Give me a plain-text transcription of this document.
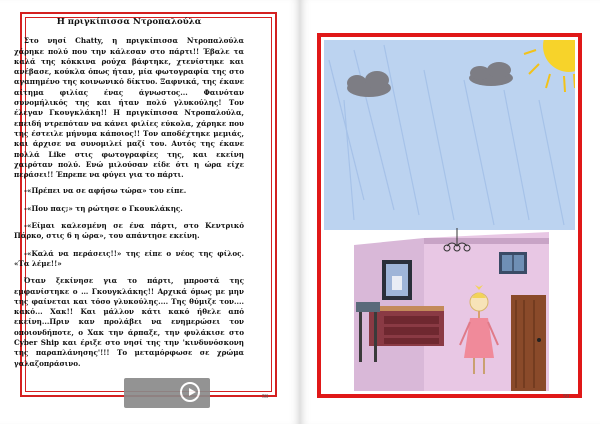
Η πριγκίπισσα Ντροπαλούλα

Στο νησί Chatty, η πριγκίπισσα Ντροπαλούλα χάρηκε πολύ που την κάλεσαν στο πάρτι!! Έβαλε τα καλά της κόκκινα ρούχα βάφτηκε, χτενίστηκε και ανέβασε, κούκλα όπως ήταν, μία φωτογραφία της στο αγαπημένο της κοινωνικό δίκτυο. Ξαφνικά, της έκανε αίτημα φιλίας ένας άγνωστος... Φαινόταν συνομήλικός της και ήταν πολύ γλυκούλης! Τον έλεγαν Γκουγκλάκη!! Η πριγκίπισσα Ντροπαλούλα, επειδή ντρεπόταν να κάνει φιλίες εύκολα, χάρηκε που της έστειλε μήνυμα κάποιος!! Τον αποδέχτηκε μεμιάς, και άρχισε να συνομιλεί μαζί του. Αυτός της έκανε πολλά Like στις φωτογραφίες της, και εκείνη χαιρόταν πολύ. Ενώ μιλούσαν είδε ότι η ώρα είχε περάσει!! Έπρεπε να φύγει για το πάρτι.

-«Πρέπει να σε αφήσω τώρα» του είπε.

-«Που πας;» τη ρώτησε ο Γκουκλάκης.

-«Είμαι καλεσμένη σε ένα πάρτι, στο Κεντρικό Πάρκο, στις 6 η ώρα», του απάντησε εκείνη.

-«Καλά να περάσεις!!» της είπε ο νέος της φίλος. «Τα λέμε!!»

Όταν ξεκίνησε για το πάρτι, μπροστά της εμφανίστηκε ο … Γκουγκλάκης!! Αρχικά όμως με μην της φαίνεται και τόσο γλυκούλης.... Της θύμιζε τον.... κακό... Χακ!! Και μάλλον κάτι κακό ήθελε από εκείνη...Πριν καν προλάβει να ενημερώσει τον οποιονδήποτε, ο Χακ την άρπαξε, την φυλάκισε στο Cyber Ship και έριξε στο νησί της την 'κινδυνόσκονη της παραπλάνησης'!!! Το μεταμόρφωσε σε χρώμα γαλαζοπράσινο.

58	59
